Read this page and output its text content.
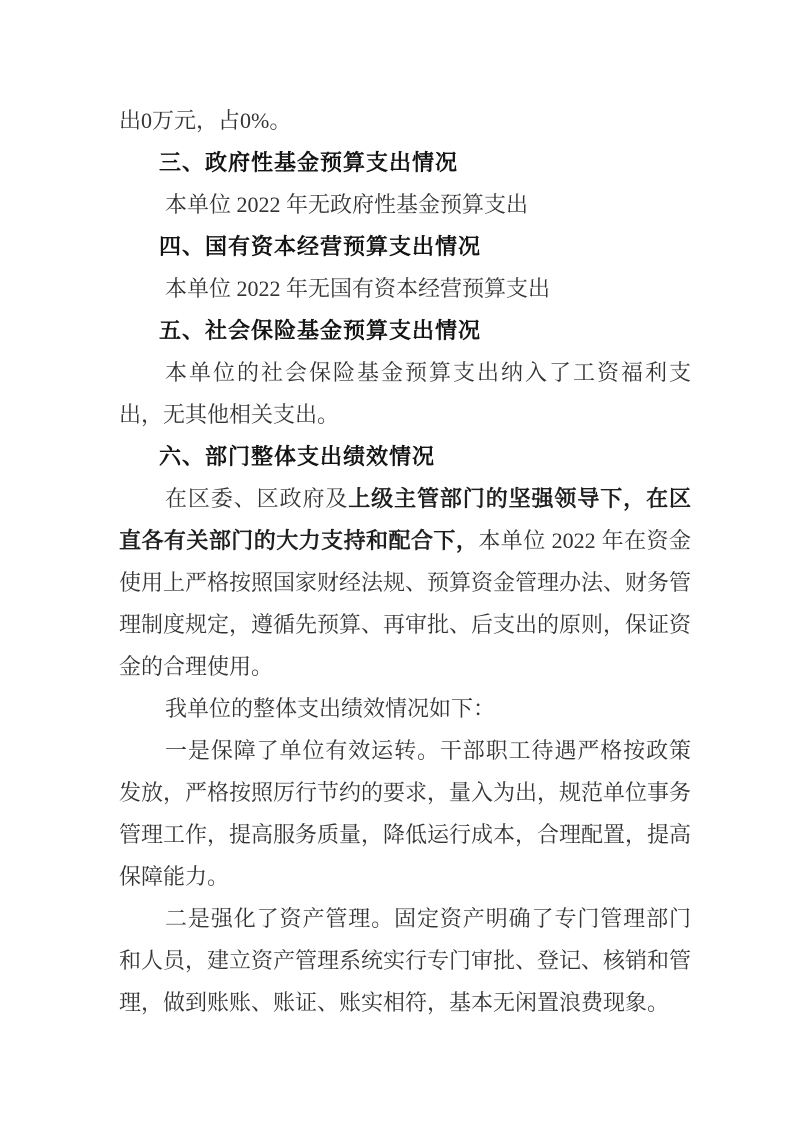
出0万元，占0%。

三、政府性基金预算支出情况

本单位 2022 年无政府性基金预算支出

四、国有资本经营预算支出情况

本单位 2022 年无国有资本经营预算支出

五、社会保险基金预算支出情况

本单位的社会保险基金预算支出纳入了工资福利支出，无其他相关支出。

六、部门整体支出绩效情况

在区委、区政府及上级主管部门的坚强领导下，在区直各有关部门的大力支持和配合下，本单位 2022 年在资金使用上严格按照国家财经法规、预算资金管理办法、财务管理制度规定，遵循先预算、再审批、后支出的原则，保证资金的合理使用。

我单位的整体支出绩效情况如下：

一是保障了单位有效运转。干部职工待遇严格按政策发放，严格按照厉行节约的要求，量入为出，规范单位事务管理工作，提高服务质量，降低运行成本，合理配置，提高保障能力。

二是强化了资产管理。固定资产明确了专门管理部门和人员，建立资产管理系统实行专门审批、登记、核销和管理，做到账账、账证、账实相符，基本无闲置浪费现象。
